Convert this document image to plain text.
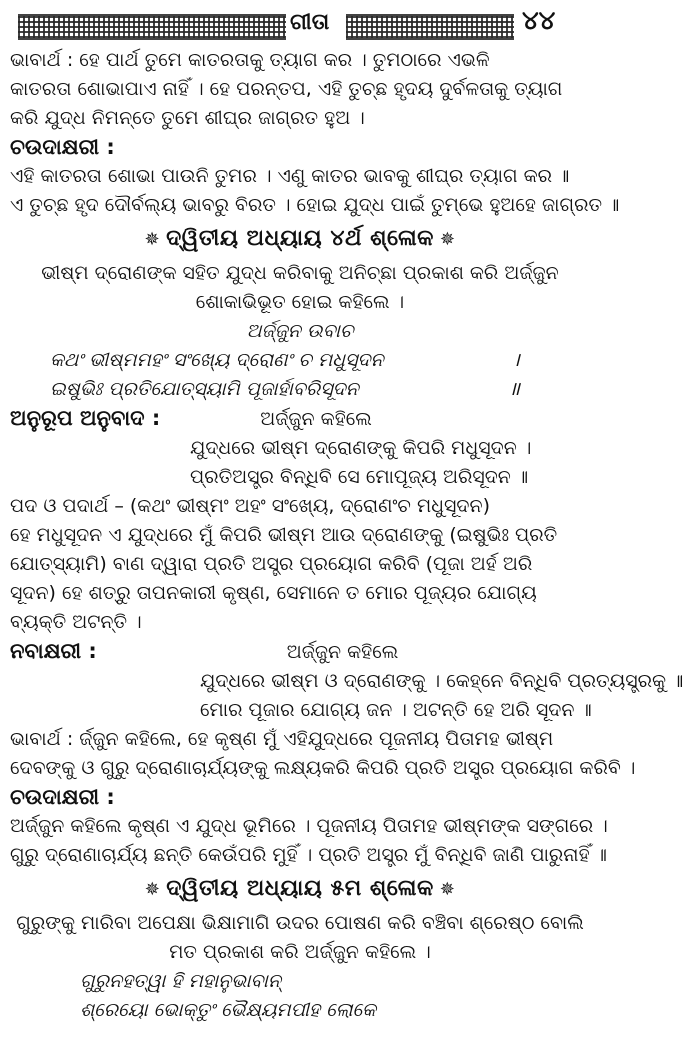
ଗୀତା	୪୪
ଭାବାର୍ଥ : ହେ ପାର୍ଥ ତୁମେ କାତରତାକୁ ତ୍ୟାଗ କର । ତୁମଠାରେ ଏଭଳି
କାତରତା ଶୋଭାପାଏ ନାହିଁ । ହେ ପରନ୍ତପ, ଏହି ତୁଚ୍ଛ ହୃଦୟ ଦୁର୍ବଳତାକୁ ତ୍ୟାଗ
କରି ଯୁଦ୍ଧ ନିମନ୍ତେ ତୁମେ ଶୀଘ୍ର ଜାଗ୍ରତ ହୁଅ ।
ଚଉଦାକ୍ଷରୀ :
ଏହି କାତରତା ଶୋଭା ପାଉନି ତୁମର । ଏଣୁ କାତର ଭାବକୁ ଶୀଘ୍ର ତ୍ୟାଗ କର ॥
ଏ ତୁଚ୍ଛ ହୃଦ ଦୌର୍ବଲ୍ୟ ଭାବରୁ ବିରତ । ହୋଇ ଯୁଦ୍ଧ ପାଇଁ ତୁମ୍ଭେ ହୁଅହେ ଜାଗ୍ରତ ॥
✵ ଦ୍ୱିତୀୟ ଅଧ୍ୟାୟ ୪ର୍ଥ ଶ୍ଳୋକ ✵
ଭୀଷ୍ମ ଦ୍ରୋଣଙ୍କ ସହିତ ଯୁଦ୍ଧ କରିବାକୁ ଅନିଚ୍ଛା ପ୍ରକାଶ କରି ଅର୍ଜ୍ଜୁନ
ଶୋକାଭିଭୂତ ହୋଇ କହିଲେ ।
ଅର୍ଜ୍ଜୁନ ଉବାଚ
କଥଂ ଭୀଷ୍ମମହଂ ସଂଖ୍ୟେ ଦ୍ରୋଣଂ ଚ ମଧୁସୂଦନ	।
ଇଷୁଭିଃ ପ୍ରତିଯୋତ୍ସ୍ୟାମି ପୂଜାର୍ହାବରିସୂଦନ	॥
ଅନୁରୂପ ଅନୁବାଦ :	ଅର୍ଜ୍ଜୁନ କହିଲେ
ଯୁଦ୍ଧରେ ଭୀଷ୍ମ ଦ୍ରୋଣଙ୍କୁ କିପରି ମଧୁସୂଦନ ।
ପ୍ରତିଅସ୍ତ୍ର ବିନ୍ଧିବି ସେ ମୋପୂଜ୍ୟ ଅରିସୂଦନ ॥
ପଦ ଓ ପଦାର୍ଥ – (କଥଂ ଭୀଷ୍ମଂ ଅହଂ ସଂଖ୍ୟେ, ଦ୍ରୋଣଂଚ ମଧୁସୂଦନ)
ହେ ମଧୁସୂଦନ ଏ ଯୁଦ୍ଧରେ ମୁଁ କିପରି ଭୀଷ୍ମ ଆଉ ଦ୍ରୋଣଙ୍କୁ (ଇଷୁଭିଃ ପ୍ରତି
ଯୋତ୍ସ୍ୟାମି) ବାଣ ଦ୍ୱାରା ପ୍ରତି ଅସ୍ତ୍ର ପ୍ରୟୋଗ କରିବି (ପୂଜା ଅର୍ହ ଅରି
ସୂଦନ) ହେ ଶତ୍ରୁ ତାପନକାରୀ କୃଷ୍ଣ, ସେମାନେ ତ ମୋର ପୂଜ୍ୟର ଯୋଗ୍ୟ
ବ୍ୟକ୍ତି ଅଟନ୍ତି ।
ନବାକ୍ଷରୀ :	ଅର୍ଜ୍ଜୁନ କହିଲେ
ଯୁଦ୍ଧରେ ଭୀଷ୍ମ ଓ ଦ୍ରୋଣଙ୍କୁ । କେହ୍ନେ ବିନ୍ଧିବି ପ୍ରତ୍ୟସ୍ତ୍ରକୁ ॥
ମୋର ପୂଜାର ଯୋଗ୍ୟ ଜନ । ଅଟନ୍ତି ହେ ଅରି ସୂଦନ ॥
ଭାବାର୍ଥ : ର୍ଜ୍ଜୁନ କହିଲେ, ହେ କୃଷ୍ଣ ମୁଁ ଏହିଯୁଦ୍ଧରେ ପୂଜନୀୟ ପିତାମହ ଭୀଷ୍ମ
ଦେବଙ୍କୁ ଓ ଗୁରୁ ଦ୍ରୋଣାଚାର୍ଯ୍ୟଙ୍କୁ ଲକ୍ଷ୍ୟକରି କିପରି ପ୍ରତି ଅସ୍ତ୍ର ପ୍ରୟୋଗ କରିବି ।
ଚଉଦାକ୍ଷରୀ :
ଅର୍ଜ୍ଜୁନ କହିଲେ କୃଷ୍ଣ ଏ ଯୁଦ୍ଧ ଭୂମିରେ । ପୂଜନୀୟ ପିତାମହ ଭୀଷ୍ମଙ୍କ ସଙ୍ଗରେ ।
ଗୁରୁ ଦ୍ରୋଣାଚାର୍ଯ୍ୟ ଛନ୍ତି କେଉଁପରି ମୁହିଁ । ପ୍ରତି ଅସ୍ତ୍ର ମୁଁ ବିନ୍ଧିବି ଜାଣି ପାରୁନାହିଁ ॥
✵ ଦ୍ୱିତୀୟ ଅଧ୍ୟାୟ ୫ମ ଶ୍ଳୋକ ✵
ଗୁରୁଙ୍କୁ ମାରିବା ଅପେକ୍ଷା ଭିକ୍ଷାମାଗି ଉଦର ପୋଷଣ କରି ବଞ୍ଚିବା ଶ୍ରେଷ୍ଠ ବୋଲି
ମତ ପ୍ରକାଶ କରି ଅର୍ଜ୍ଜୁନ କହିଲେ ।
ଗୁରୁନହତ୍ୱା ହି ମହାନୁଭାବାନ୍
ଶ୍ରେୟୋ ଭୋକ୍ତୁଂ ଭୈକ୍ଷ୍ୟମପୀହ ଲୋକେ
